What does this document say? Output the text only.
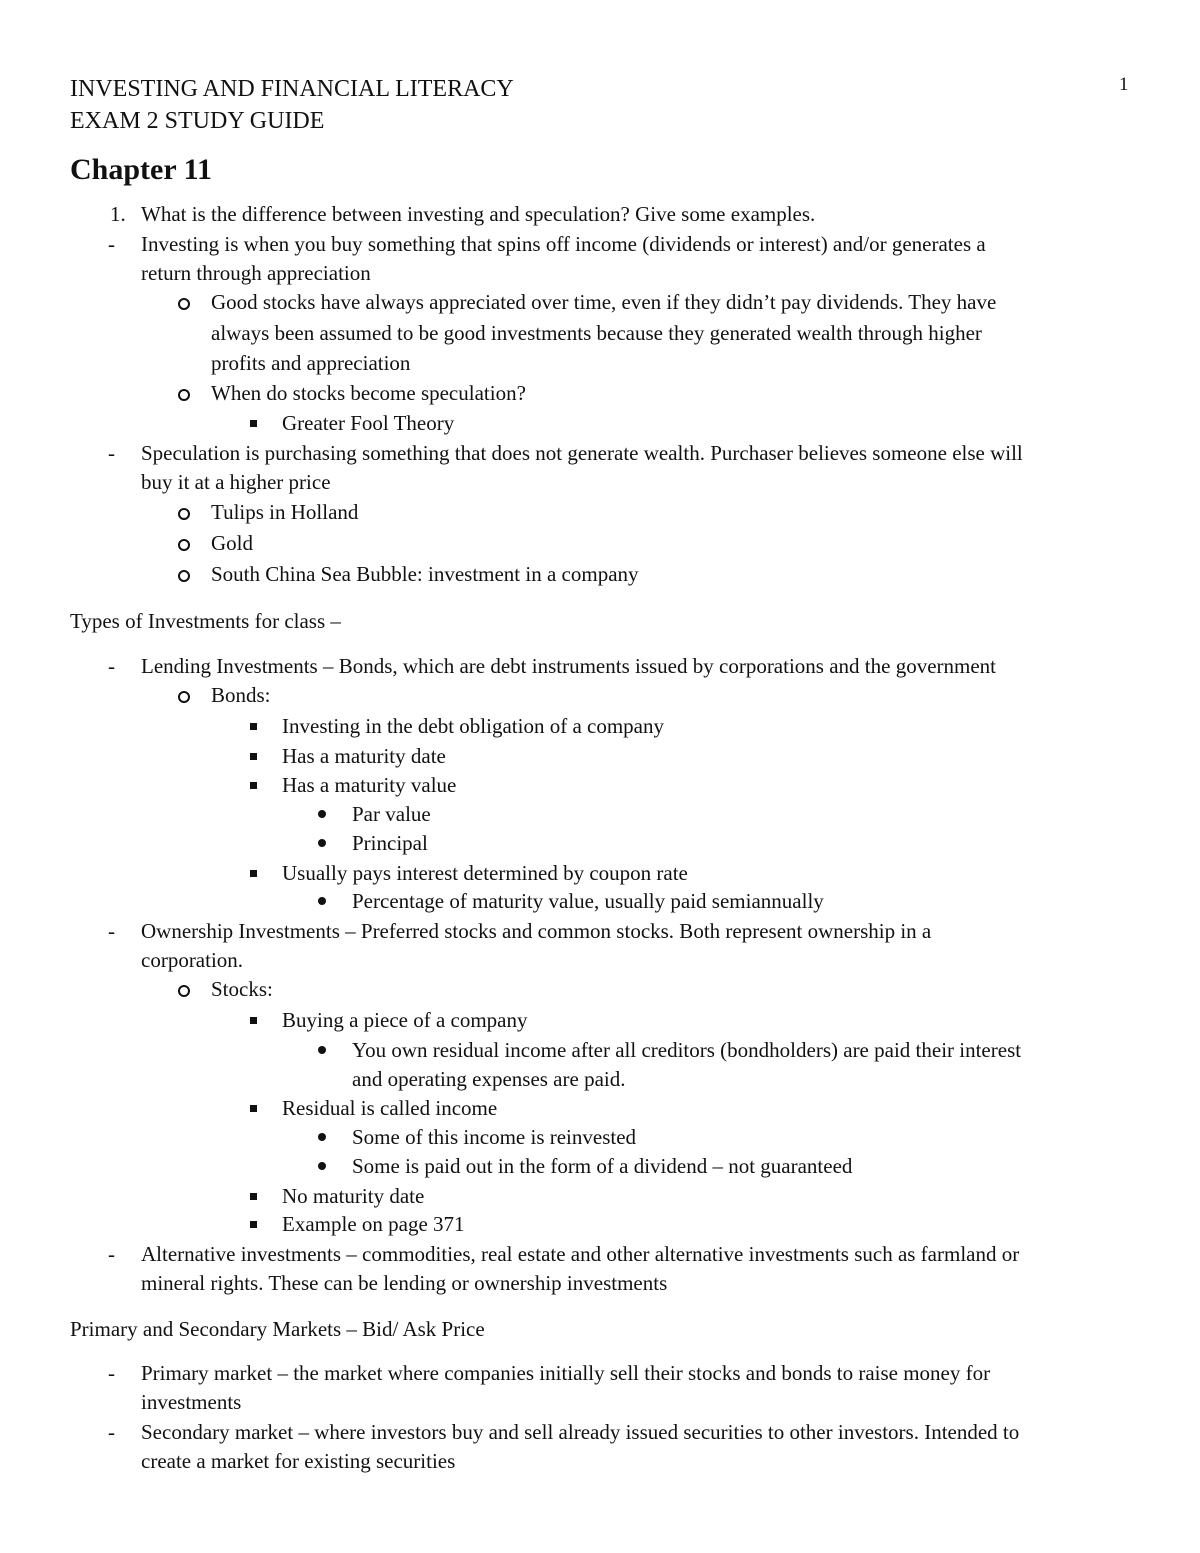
INVESTING AND FINANCIAL LITERACY	1
EXAM 2 STUDY GUIDE
Chapter 11
1. What is the difference between investing and speculation? Give some examples.
- Investing is when you buy something that spins off income (dividends or interest) and/or generates a
return through appreciation
Good stocks have always appreciated over time, even if they didn’t pay dividends. They have
always been assumed to be good investments because they generated wealth through higher
profits and appreciation
When do stocks become speculation?
Greater Fool Theory
- Speculation is purchasing something that does not generate wealth. Purchaser believes someone else will
buy it at a higher price
Tulips in Holland
Gold
South China Sea Bubble: investment in a company
Types of Investments for class –
- Lending Investments – Bonds, which are debt instruments issued by corporations and the government
Bonds:
Investing in the debt obligation of a company
Has a maturity date
Has a maturity value
Par value
Principal
Usually pays interest determined by coupon rate
Percentage of maturity value, usually paid semiannually
- Ownership Investments – Preferred stocks and common stocks. Both represent ownership in a
corporation.
Stocks:
Buying a piece of a company
You own residual income after all creditors (bondholders) are paid their interest
and operating expenses are paid.
Residual is called income
Some of this income is reinvested
Some is paid out in the form of a dividend – not guaranteed
No maturity date
Example on page 371
- Alternative investments – commodities, real estate and other alternative investments such as farmland or
mineral rights. These can be lending or ownership investments
Primary and Secondary Markets – Bid/ Ask Price
- Primary market – the market where companies initially sell their stocks and bonds to raise money for
investments
- Secondary market – where investors buy and sell already issued securities to other investors. Intended to
create a market for existing securities
